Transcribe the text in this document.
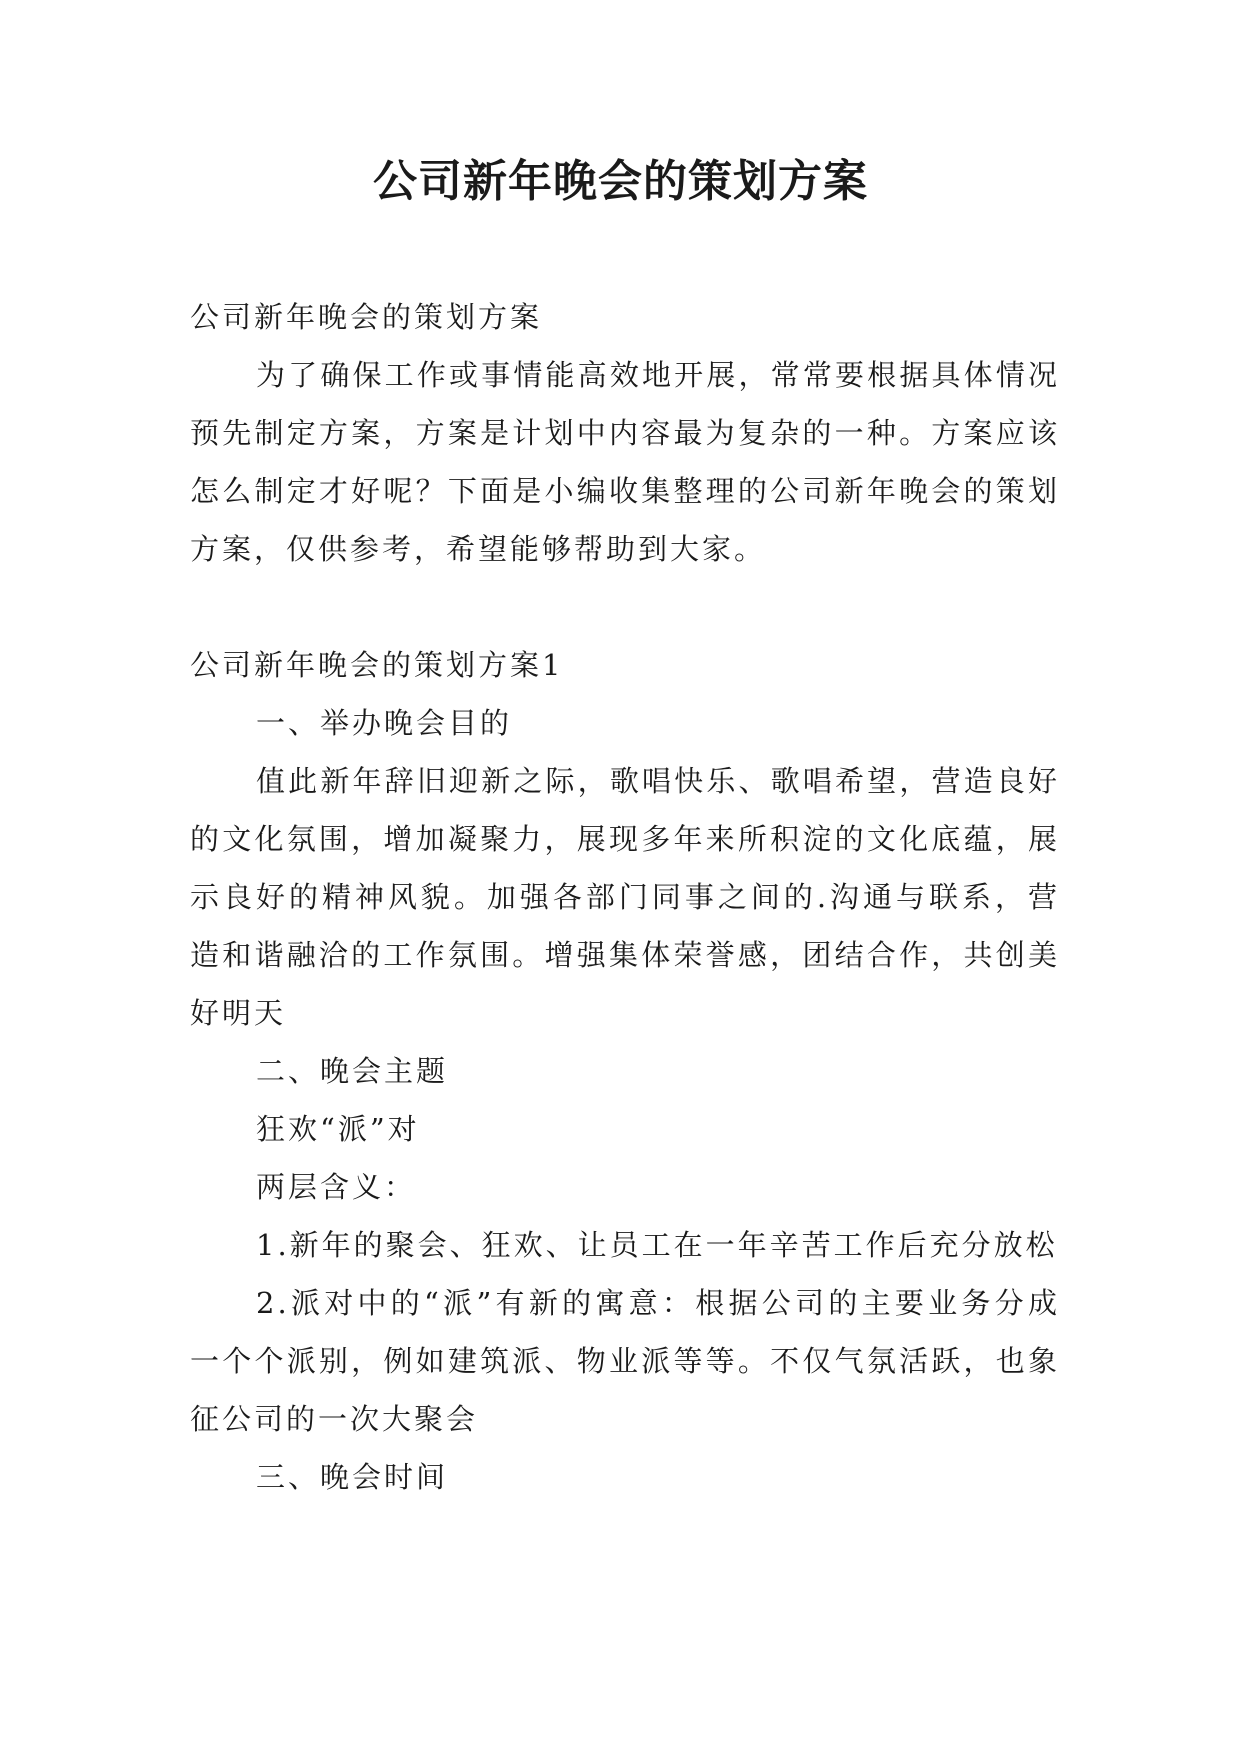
公司新年晚会的策划方案

公司新年晚会的策划方案

为了确保工作或事情能高效地开展，常常要根据具体情况预先制定方案，方案是计划中内容最为复杂的一种。方案应该怎么制定才好呢？下面是小编收集整理的公司新年晚会的策划方案，仅供参考，希望能够帮助到大家。

公司新年晚会的策划方案1

一、举办晚会目的

值此新年辞旧迎新之际，歌唱快乐、歌唱希望，营造良好的文化氛围，增加凝聚力，展现多年来所积淀的文化底蕴，展示良好的精神风貌。加强各部门同事之间的.沟通与联系，营造和谐融洽的工作氛围。增强集体荣誉感，团结合作，共创美好明天

二、晚会主题

狂欢“派”对

两层含义：

1.新年的聚会、狂欢、让员工在一年辛苦工作后充分放松

2.派对中的“派”有新的寓意：根据公司的主要业务分成一个个派别，例如建筑派、物业派等等。不仅气氛活跃，也象征公司的一次大聚会

三、晚会时间
